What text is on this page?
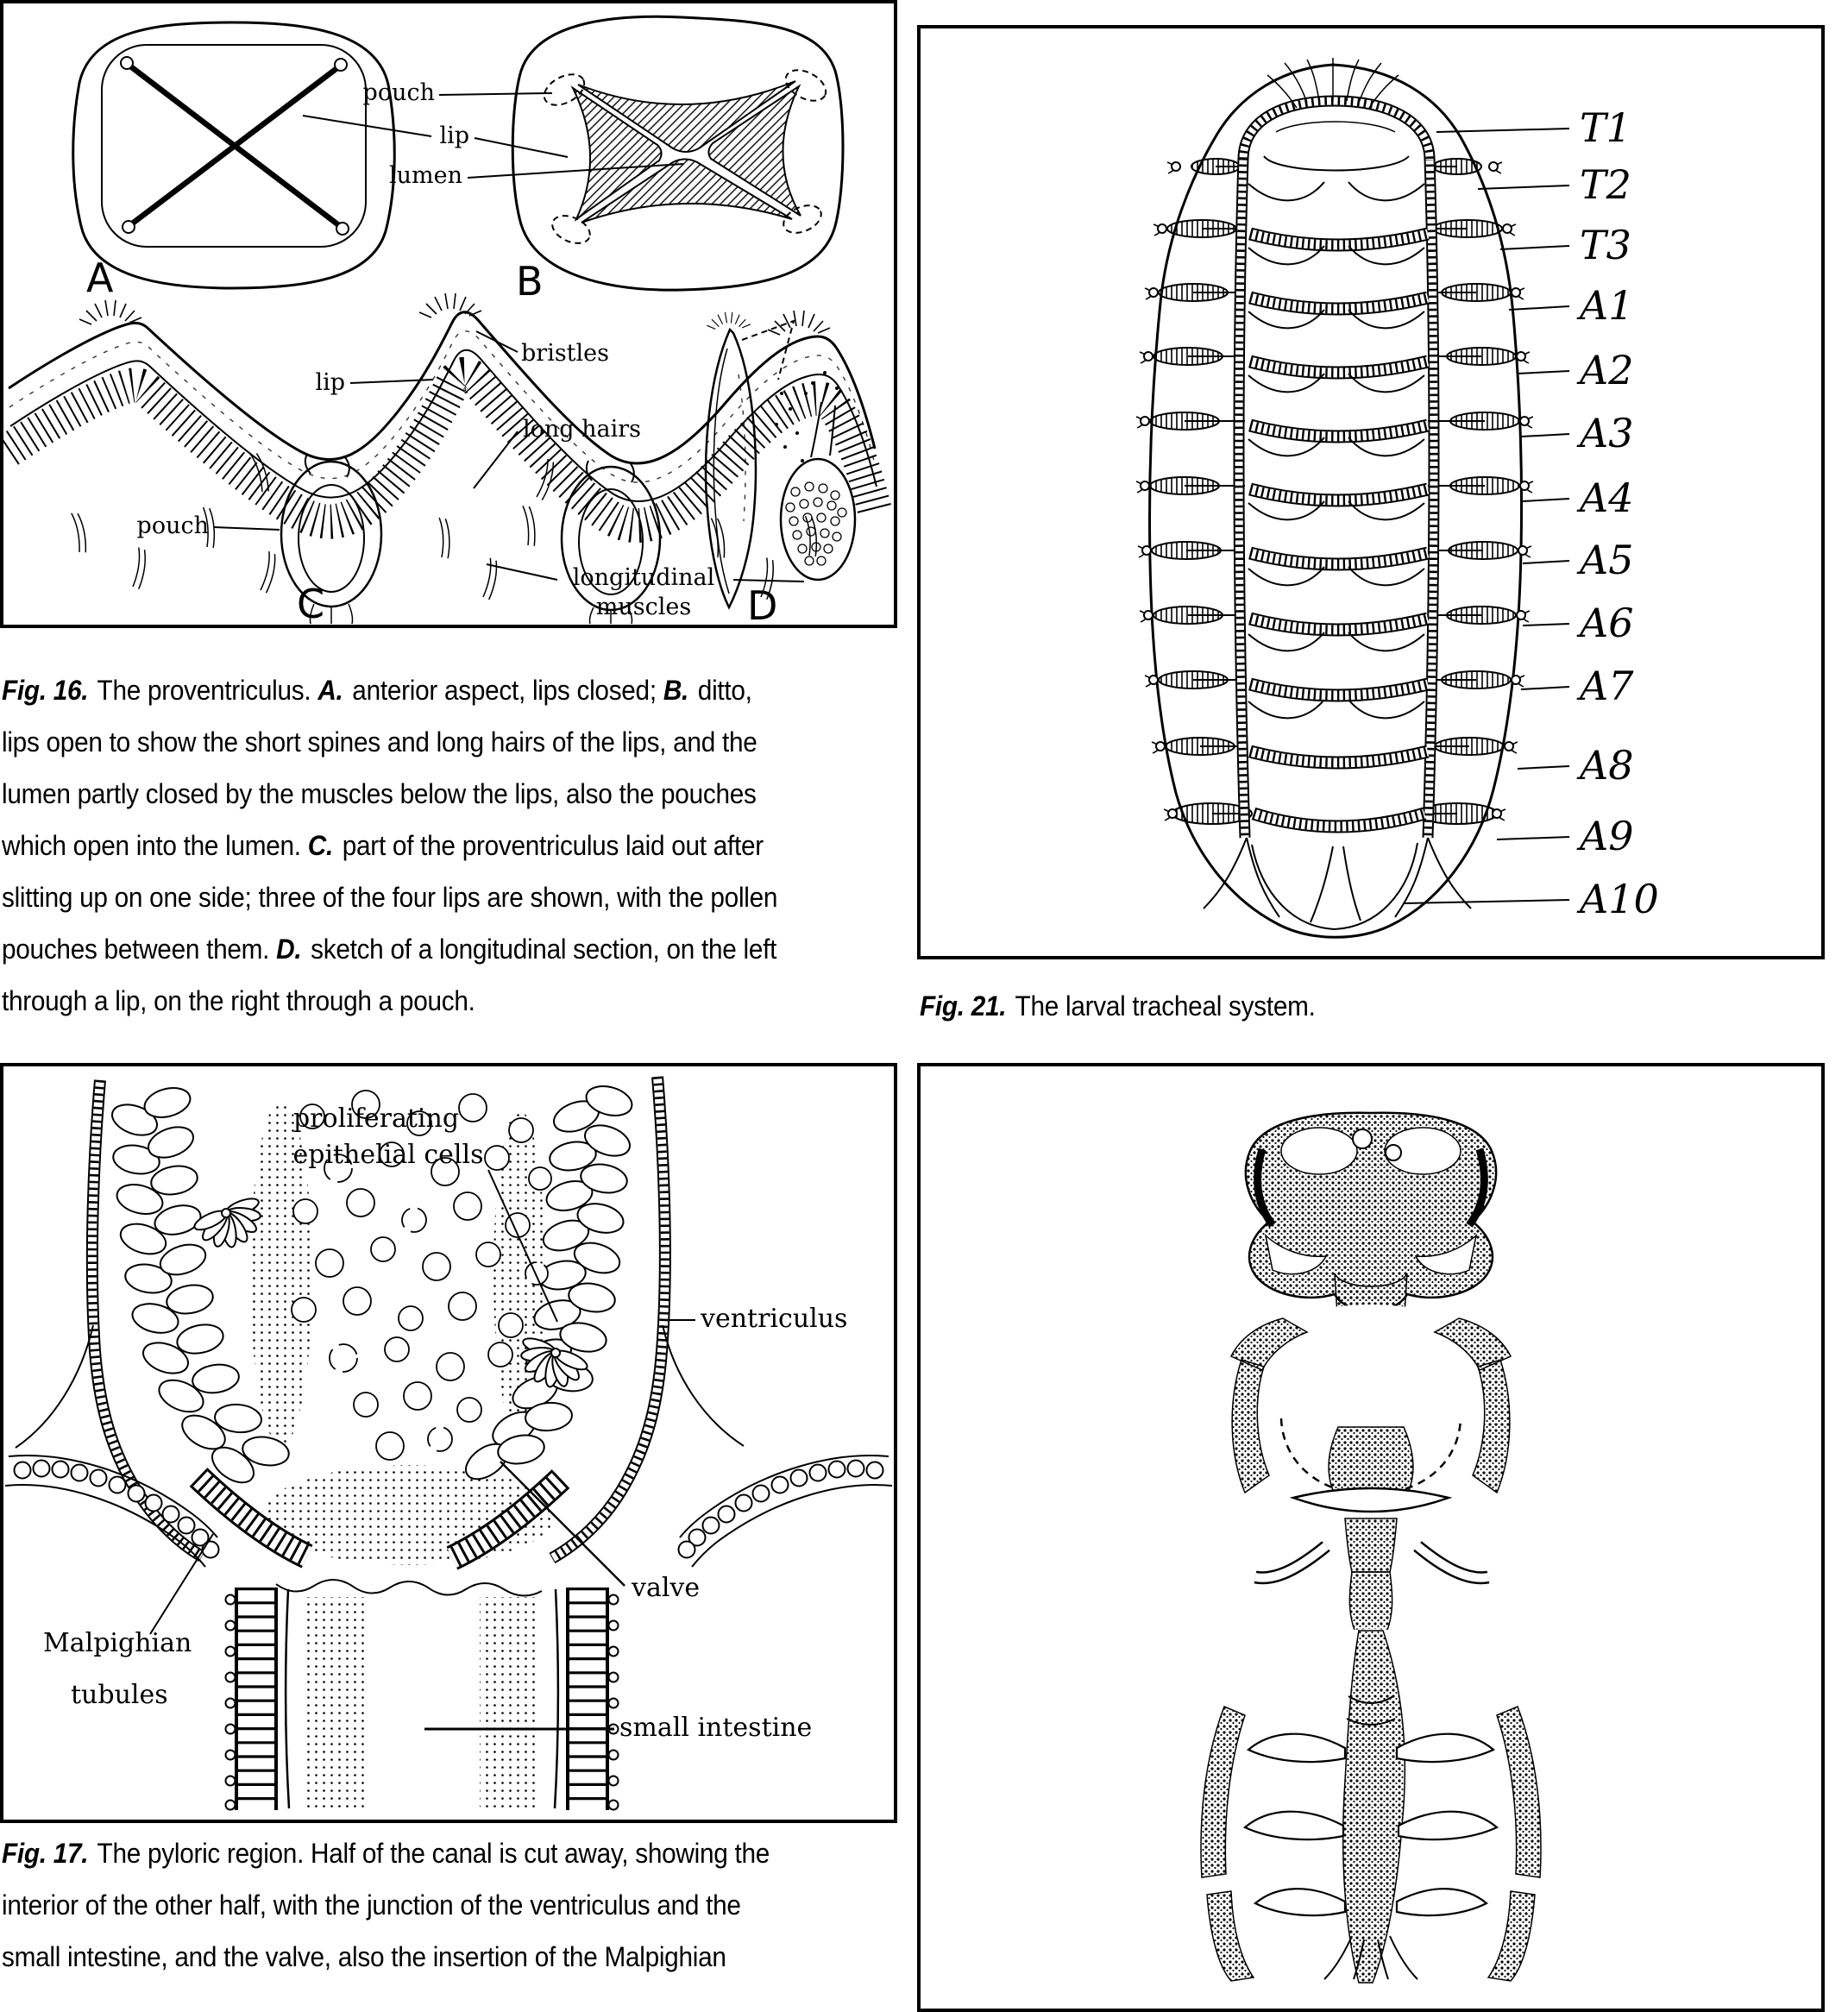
pouch
lip
lumen
A	B
bristles
lip
long hairs
pouch
longitudinal
muscles
C	D
T1
T2
T3
A1
A2
A3
A4
A5
A6
A7
A8
A9
A10
proliferating
epithelial cells
ventriculus
valve
small intestine
Malpighian
tubules
Fig. 16. The proventriculus. A. anterior aspect, lips closed; B. ditto,
lips open to show the short spines and long hairs of the lips, and the
lumen partly closed by the muscles below the lips, also the pouches
which open into the lumen. C. part of the proventriculus laid out after
slitting up on one side; three of the four lips are shown, with the pollen
pouches between them. D. sketch of a longitudinal section, on the left
through a lip, on the right through a pouch.	Fig. 21. The larval tracheal system.
Fig. 17. The pyloric region. Half of the canal is cut away, showing the
interior of the other half, with the junction of the ventriculus and the
small intestine, and the valve, also the insertion of the Malpighian
